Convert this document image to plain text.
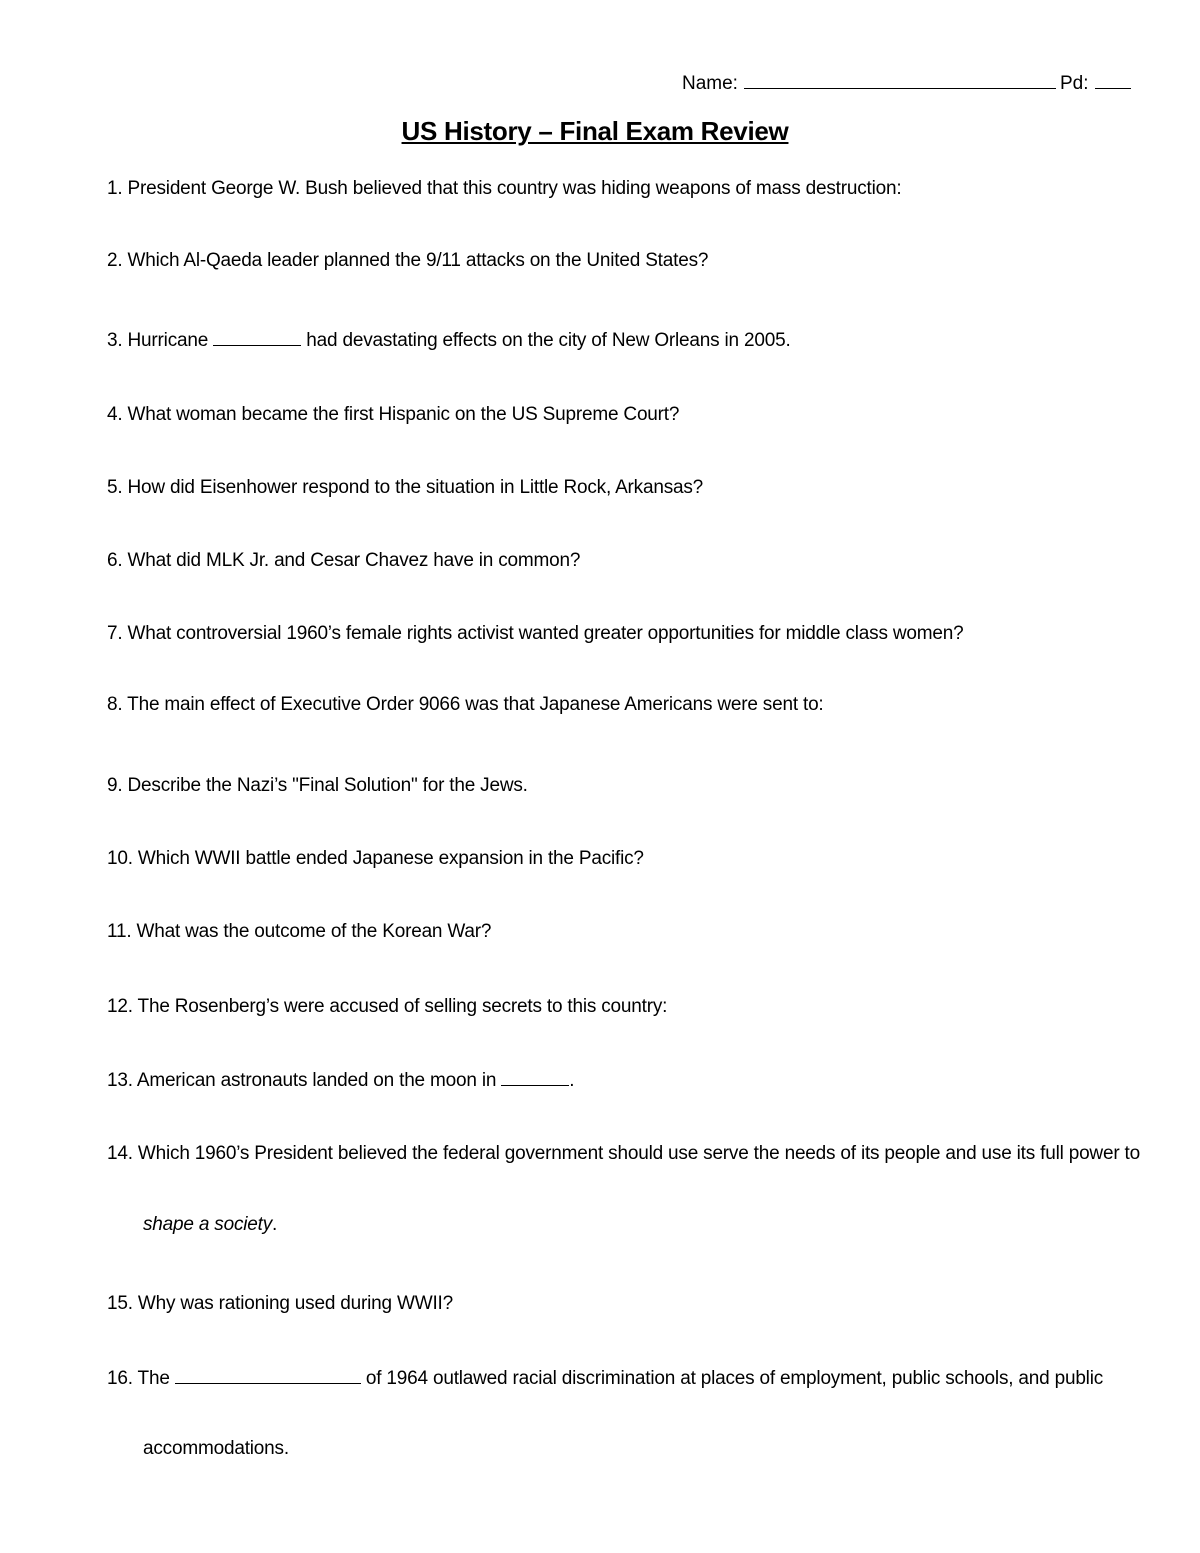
Name:	Pd:
US History – Final Exam Review
1. President George W. Bush believed that this country was hiding weapons of mass destruction:
2. Which Al-Qaeda leader planned the 9/11 attacks on the United States?
3. Hurricane	had devastating effects on the city of New Orleans in 2005.
4. What woman became the first Hispanic on the US Supreme Court?
5. How did Eisenhower respond to the situation in Little Rock, Arkansas?
6. What did MLK Jr. and Cesar Chavez have in common?
7. What controversial 1960’s female rights activist wanted greater opportunities for middle class women?
8. The main effect of Executive Order 9066 was that Japanese Americans were sent to:
9. Describe the Nazi’s "Final Solution" for the Jews.
10. Which WWII battle ended Japanese expansion in the Pacific?
11. What was the outcome of the Korean War?
12. The Rosenberg’s were accused of selling secrets to this country:
13. American astronauts landed on the moon in	.
14. Which 1960’s President believed the federal government should use serve the needs of its people and use its full power to
shape a society.
15. Why was rationing used during WWII?
16. The	of 1964 outlawed racial discrimination at places of employment, public schools, and public
accommodations.
